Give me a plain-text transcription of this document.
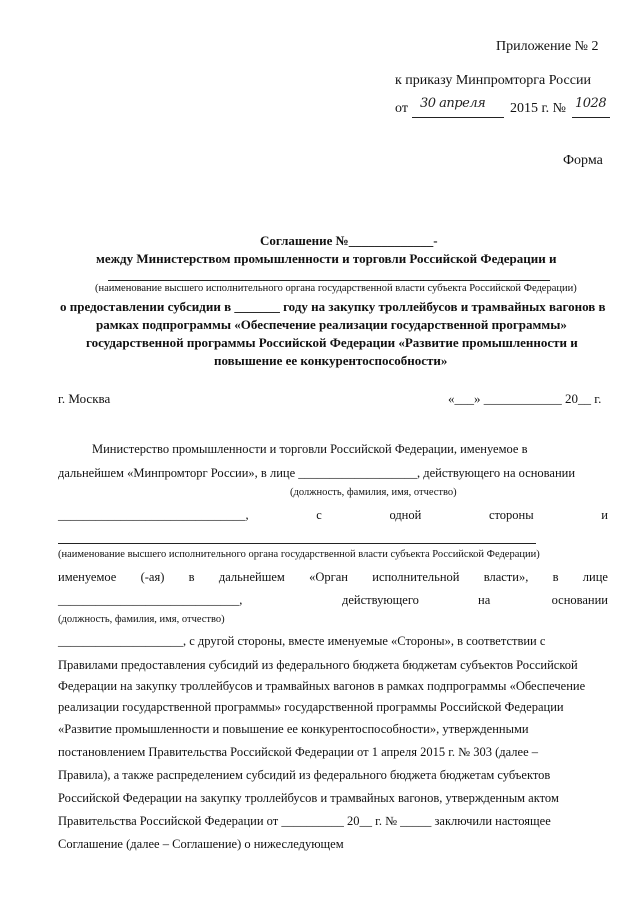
Приложение № 2
к приказу Минпромторга России
от 30 апреля 2015 г. № 1028
Форма
Соглашение №_____________-
между Министерством промышленности и торговли Российской Федерации и
(наименование высшего исполнительного органа государственной власти субъекта Российской Федерации)
о предоставлении субсидии в _______ году на закупку троллейбусов и трамвайных вагонов в
рамках подпрограммы «Обеспечение реализации государственной программы»
государственной программы Российской Федерации «Развитие промышленности и
повышение ее конкурентоспособности»
г. Москва	«___» ____________ 20__ г.
Министерство промышленности и торговли Российской Федерации, именуемое в
дальнейшем «Минпромторг России», в лице ___________________, действующего на основании
(должность, фамилия, имя, отчество)
______________________________,	с	одной	стороны	и
(наименование высшего исполнительного органа государственной власти субъекта Российской Федерации)
именуемое (-ая) в дальнейшем «Орган исполнительной власти», в лице
_____________________________,	действующего	на	основании
(должность, фамилия, имя, отчество)
____________________, с другой стороны, вместе именуемые «Стороны», в соответствии с
Правилами предоставления субсидий из федерального бюджета бюджетам субъектов Российской
Федерации на закупку троллейбусов и трамвайных вагонов в рамках подпрограммы «Обеспечение
реализации государственной программы» государственной программы Российской Федерации
«Развитие промышленности и повышение ее конкурентоспособности», утвержденными
постановлением Правительства Российской Федерации от 1 апреля 2015 г. № 303 (далее –
Правила), а также распределением субсидий из федерального бюджета бюджетам субъектов
Российской Федерации на закупку троллейбусов и трамвайных вагонов, утвержденным актом
Правительства Российской Федерации от __________ 20__ г. № _____ заключили настоящее
Соглашение (далее – Соглашение) о нижеследующем
